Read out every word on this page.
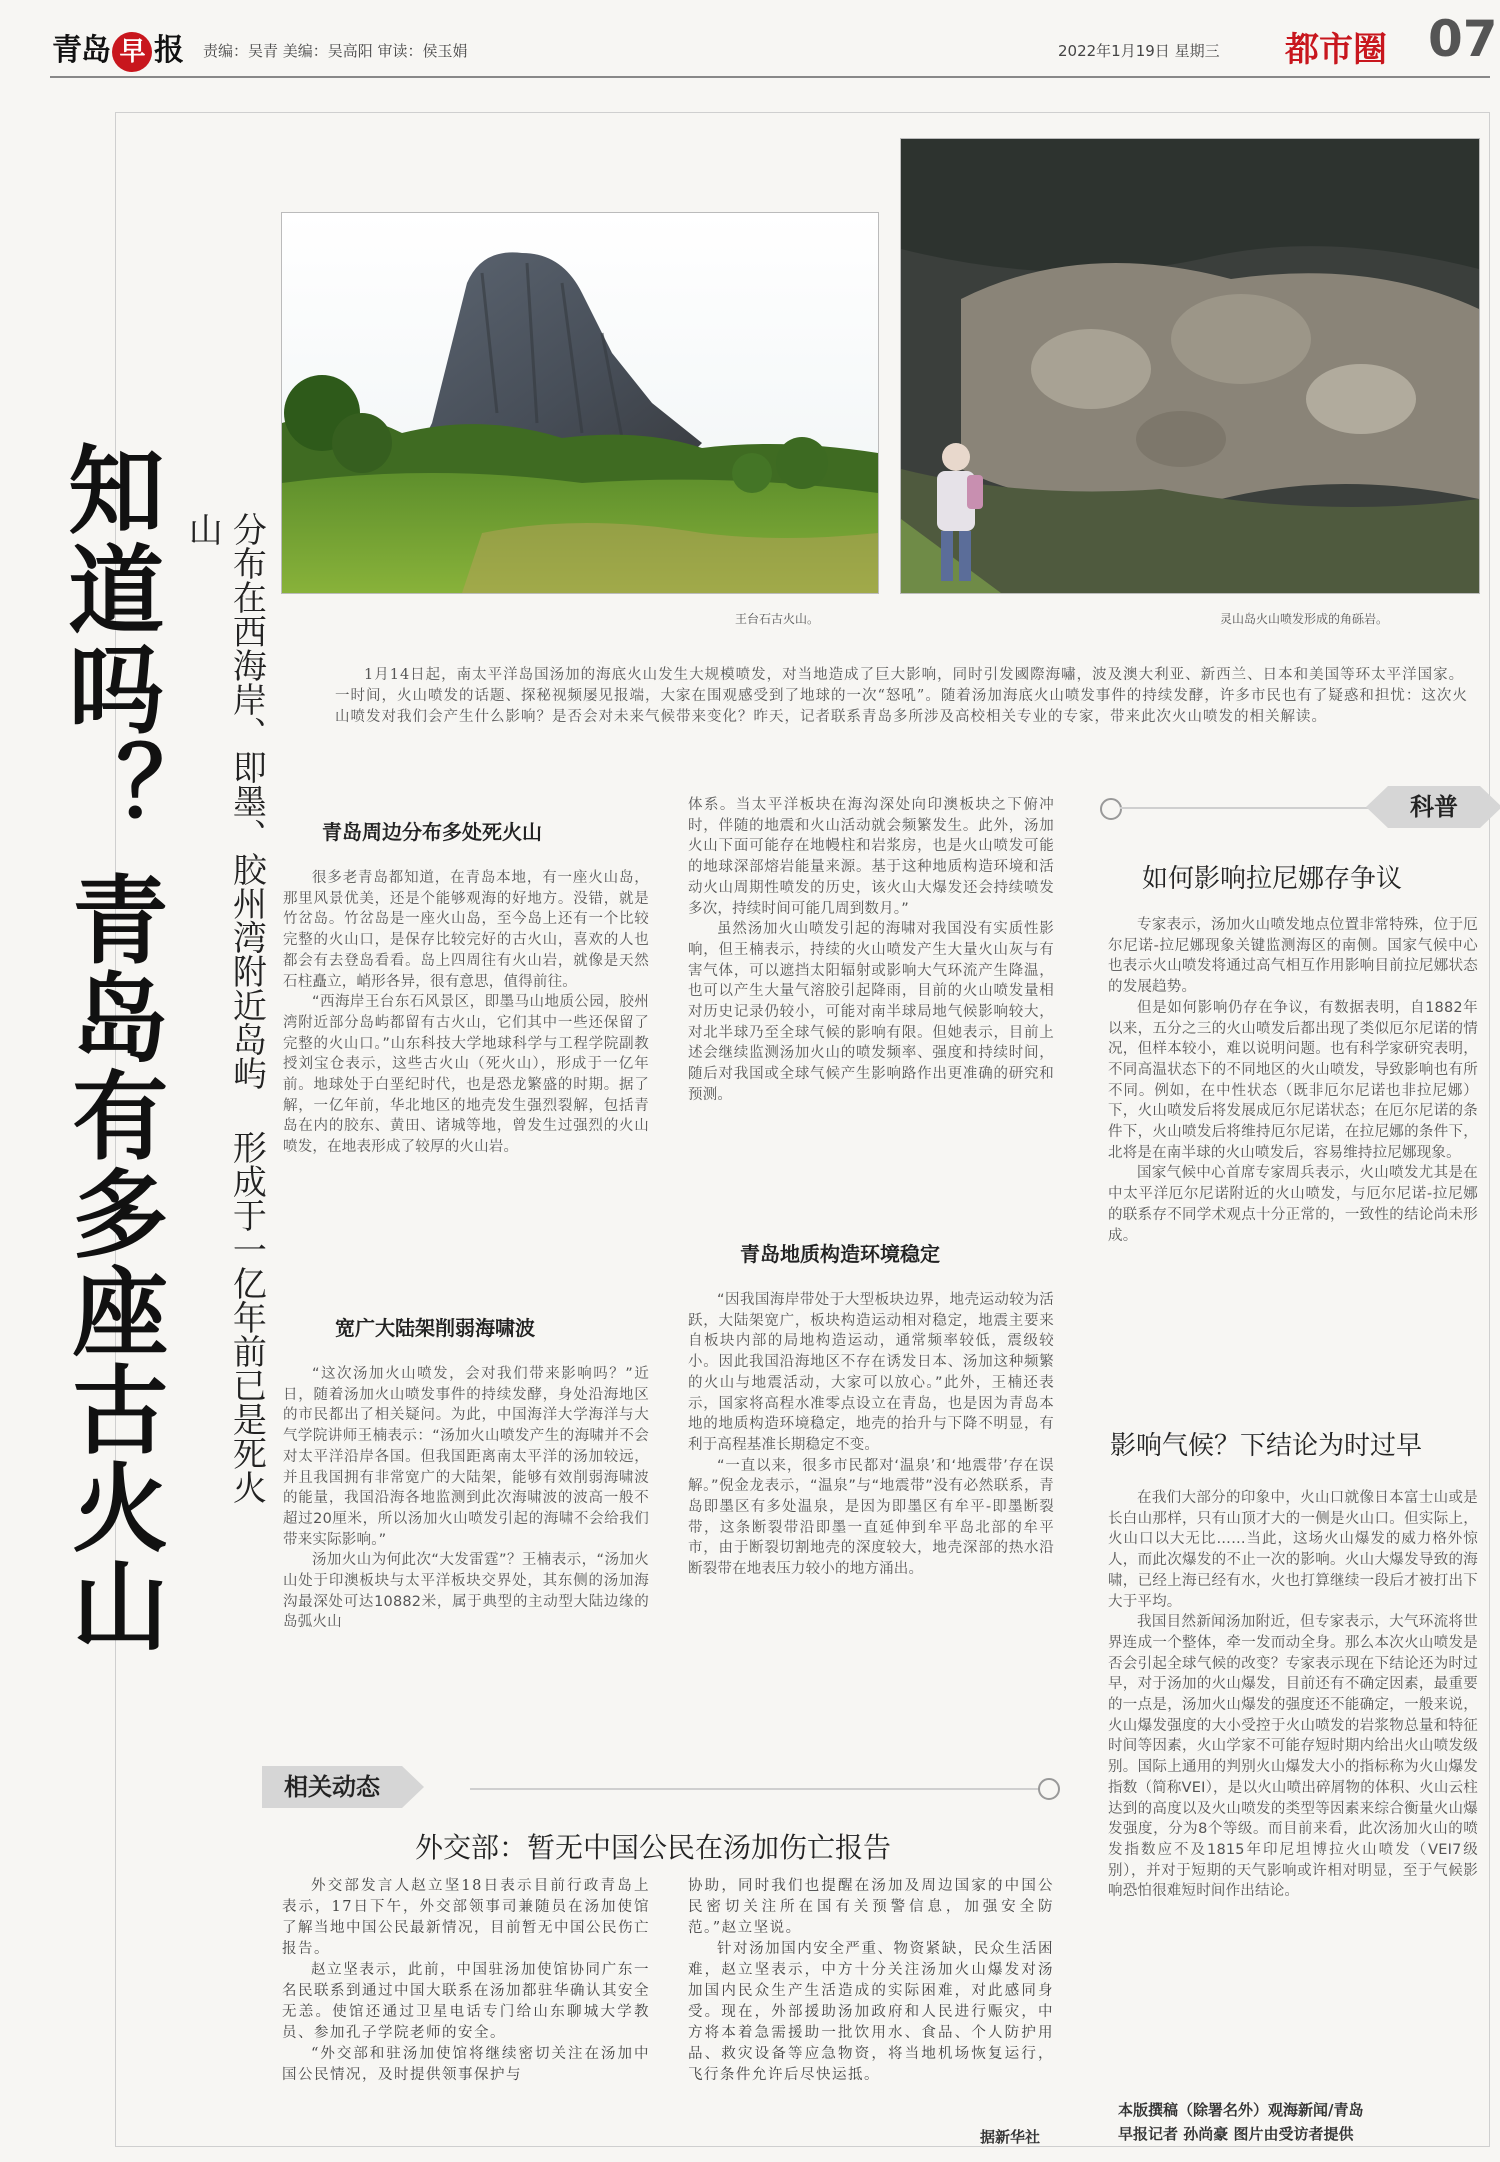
青岛 早 报 责编：吴青 美编：吴高阳 审读：侯玉娟	2022年1月19日 星期三 都市圈 07
知道吗？
青岛有多座古火山	分布在西海岸、即墨、胶州湾附近岛屿 形成于一亿年前已是死火山
王台石古火山。	灵山岛火山喷发形成的角砾岩。
1月14日起，南太平洋岛国汤加的海底火山发生大规模喷发，对当地造成了巨大影响，同时引发國際海嘯，波及澳大利亚、新西兰、日本和美国等环太平洋国家。一时间，火山喷发的话题、探秘视频屡见报端，大家在围观感受到了地球的一次“怒吼”。随着汤加海底火山喷发事件的持续发酵，许多市民也有了疑惑和担忧：这次火山喷发对我们会产生什么影响？是否会对未来气候带来变化？昨天，记者联系青岛多所涉及高校相关专业的专家，带来此次火山喷发的相关解读。
青岛周边分布多处死火山

很多老青岛都知道，在青岛本地，有一座火山岛，那里风景优美，还是个能够观海的好地方。没错，就是竹岔岛。竹岔岛是一座火山岛，至今岛上还有一个比较完整的火山口，是保存比较完好的古火山，喜欢的人也都会有去登岛看看。岛上四周往有火山岩，就像是天然石柱矗立，峭形各异，很有意思，值得前往。

“西海岸王台东石风景区，即墨马山地质公园，胶州湾附近部分岛屿都留有古火山，它们其中一些还保留了完整的火山口。”山东科技大学地球科学与工程学院副教授刘宝仓表示，这些古火山（死火山），形成于一亿年前。地球处于白垩纪时代，也是恐龙繁盛的时期。据了解，一亿年前，华北地区的地壳发生强烈裂解，包括青岛在内的胶东、黄田、诸城等地，曾发生过强烈的火山喷发，在地表形成了较厚的火山岩。

宽广大陆架削弱海啸波

“这次汤加火山喷发，会对我们带来影响吗？”近日，随着汤加火山喷发事件的持续发酵，身处沿海地区的市民都出了相关疑问。为此，中国海洋大学海洋与大气学院讲师王楠表示：“汤加火山喷发产生的海啸并不会对太平洋沿岸各国。但我国距离南太平洋的汤加较远，并且我国拥有非常宽广的大陆架，能够有效削弱海啸波的能量，我国沿海各地监测到此次海啸波的波高一般不超过20厘米，所以汤加火山喷发引起的海啸不会给我们带来实际影响。”

汤加火山为何此次“大发雷霆”？王楠表示，“汤加火山处于印澳板块与太平洋板块交界处，其东侧的汤加海沟最深处可达10882米，属于典型的主动型大陆边缘的岛弧火山

体系。当太平洋板块在海沟深处向印澳板块之下俯冲时，伴随的地震和火山活动就会频繁发生。此外，汤加火山下面可能存在地幔柱和岩浆房，也是火山喷发可能的地球深部熔岩能量来源。基于这种地质构造环境和活动火山周期性喷发的历史，该火山大爆发还会持续喷发多次，持续时间可能几周到数月。”

虽然汤加火山喷发引起的海啸对我国没有实质性影响，但王楠表示，持续的火山喷发产生大量火山灰与有害气体，可以遮挡太阳辐射或影响大气环流产生降温，也可以产生大量气溶胶引起降雨，目前的火山喷发量相对历史记录仍较小，可能对南半球局地气候影响较大，对北半球乃至全球气候的影响有限。但她表示，目前上述会继续监测汤加火山的喷发频率、强度和持续时间，随后对我国或全球气候产生影响路作出更准确的研究和预测。

青岛地质构造环境稳定

“因我国海岸带处于大型板块边界，地壳运动较为活跃，大陆架宽广，板块构造运动相对稳定，地震主要来自板块内部的局地构造运动，通常频率较低，震级较小。因此我国沿海地区不存在诱发日本、汤加这种频繁的火山与地震活动，大家可以放心。”此外，王楠还表示，国家将高程水准零点设立在青岛，也是因为青岛本地的地质构造环境稳定，地壳的抬升与下降不明显，有利于高程基准长期稳定不变。

“一直以来，很多市民都对‘温泉’和‘地震带’存在误解。”倪金龙表示，“温泉”与“地震带”没有必然联系，青岛即墨区有多处温泉，是因为即墨区有牟平-即墨断裂带，这条断裂带沿即墨一直延伸到牟平岛北部的牟平市，由于断裂切割地壳的深度较大，地壳深部的热水沿断裂带在地表压力较小的地方涌出。

科普
如何影响拉尼娜存争议

专家表示，汤加火山喷发地点位置非常特殊，位于厄尔尼诺-拉尼娜现象关键监测海区的南侧。国家气候中心也表示火山喷发将通过高气相互作用影响目前拉尼娜状态的发展趋势。

但是如何影响仍存在争议，有数据表明，自1882年以来，五分之三的火山喷发后都出现了类似厄尔尼诺的情况，但样本较小，难以说明问题。也有科学家研究表明，不同高温状态下的不同地区的火山喷发，导致影响也有所不同。例如，在中性状态（既非厄尔尼诺也非拉尼娜）下，火山喷发后将发展成厄尔尼诺状态；在厄尔尼诺的条件下，火山喷发后将维持厄尔尼诺，在拉尼娜的条件下，北将是在南半球的火山喷发后，容易维持拉尼娜现象。

国家气候中心首席专家周兵表示，火山喷发尤其是在中太平洋厄尔尼诺附近的火山喷发，与厄尔尼诺-拉尼娜的联系存不同学术观点十分正常的，一致性的结论尚未形成。

影响气候？下结论为时过早

在我们大部分的印象中，火山口就像日本富士山或是长白山那样，只有山顶才大的一侧是火山口。但实际上，火山口以大无比……当此，这场火山爆发的威力格外惊人，而此次爆发的不止一次的影响。火山大爆发导致的海啸，已经上海已经有水，火也打算继续一段后才被打出下大于平均。

我国目然新闻汤加附近，但专家表示，大气环流将世界连成一个整体，牵一发而动全身。那么本次火山喷发是否会引起全球气候的改变？专家表示现在下结论还为时过早，对于汤加的火山爆发，目前还有不确定因素，最重要的一点是，汤加火山爆发的强度还不能确定，一般来说，火山爆发强度的大小受控于火山喷发的岩浆物总量和特征时间等因素，火山学家不可能存短时期内给出火山喷发级别。国际上通用的判别火山爆发大小的指标称为火山爆发指数（简称VEI），是以火山喷出碎屑物的体积、火山云柱达到的高度以及火山喷发的类型等因素来综合衡量火山爆发强度，分为8个等级。而目前来看，此次汤加火山的喷发指数应不及1815年印尼坦博拉火山喷发（VEI7级别），并对于短期的天气影响或许相对明显，至于气候影响恐怕很难短时间作出结论。

相关动态
外交部：暂无中国公民在汤加伤亡报告

外交部发言人赵立坚18日表示目前行政青岛上表示，17日下午，外交部领事司兼随员在汤加使馆了解当地中国公民最新情况，目前暂无中国公民伤亡报告。

赵立坚表示，此前，中国驻汤加使馆协同广东一名民联系到通过中国大联系在汤加都驻华确认其安全无恙。使馆还通过卫星电话专门给山东聊城大学教员、参加孔子学院老师的安全。

“外交部和驻汤加使馆将继续密切关注在汤加中国公民情况，及时提供领事保护与

协助，同时我们也提醒在汤加及周边国家的中国公民密切关注所在国有关预警信息，加强安全防范。”赵立坚说。

针对汤加国内安全严重、物资紧缺，民众生活困难，赵立坚表示，中方十分关注汤加火山爆发对汤加国内民众生产生活造成的实际困难，对此感同身受。现在，外部援助汤加政府和人民进行赈灾，中方将本着急需援助一批饮用水、食品、个人防护用品、救灾设备等应急物资，将当地机场恢复运行，飞行条件允许后尽快运抵。

据新华社
本版撰稿（除署名外）观海新闻/青岛
早报记者 孙尚豪 图片由受访者提供
